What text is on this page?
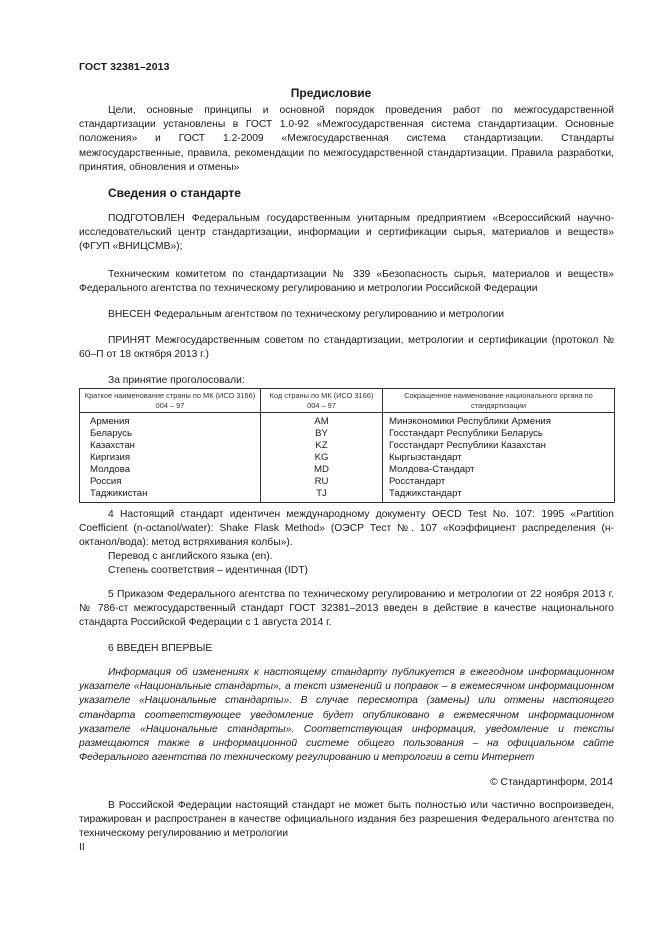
ГОСТ 32381–2013
Предисловие

Цели, основные принципы и основной порядок проведения работ по межгосударственной стандартизации установлены в ГОСТ 1.0-92 «Межгосударственная система стандартизации. Основные положения» и ГОСТ 1.2-2009 «Межгосударственная система стандартизации. Стандарты межгосударственные, правила, рекомендации по межгосударственной стандартизации. Правила разработки, принятия, обновления и отмены»

Сведения о стандарте

ПОДГОТОВЛЕН Федеральным государственным унитарным предприятием «Всероссийский научно-исследовательский центр стандартизации, информации и сертификации сырья, материалов и веществ» (ФГУП «ВНИЦСМВ»);

Техническим комитетом по стандартизации № 339 «Безопасность сырья, материалов и веществ» Федерального агентства по техническому регулированию и метрологии Российской Федерации

ВНЕСЕН Федеральным агентством по техническому регулированию и метрологии

ПРИНЯТ Межгосударственным советом по стандартизации, метрологии и сертификации (протокол № 60–П от 18 октября 2013 г.)

За принятие проголосовали:

Краткое наименование страны по МК (ИСО 3166) 004 – 97	Код страны по МК (ИСО 3166) 004 – 97	Сокращенное наименование национального органа по стандартизации
Армения	AM	Минэкономики Республики Армения
Беларусь	BY	Госстандарт Республики Беларусь
Казахстан	KZ	Госстандарт Республики Казахстан
Киргизия	KG	Кыргызстандарт
Молдова	MD	Молдова-Стандарт
Россия	RU	Росстандарт
Таджикистан	TJ	Таджикстандарт

4 Настоящий стандарт идентичен международному документу OECD Test No. 107: 1995 «Partition Coefficient (n-octanol/water): Shake Flask Method» (ОЭСР Тест №. 107 «Коэффициент распределения (н-октанол/вода): метод встряхивания колбы»).

Перевод с английского языка (en).

Степень соответствия – идентичная (IDT)

5 Приказом Федерального агентства по техническому регулированию и метрологии от 22 ноября 2013 г. № 786-ст межгосударственный стандарт ГОСТ 32381–2013 введен в действие в качестве национального стандарта Российской Федерации с 1 августа 2014 г.

6 ВВЕДЕН ВПЕРВЫЕ

Информация об изменениях к настоящему стандарту публикуется в ежегодном информационном указателе «Национальные стандарты», а текст изменений и поправок – в ежемесячном информационном указателе «Национальные стандарты». В случае пересмотра (замены) или отмены настоящего стандарта соответствующее уведомление будет опубликовано в ежемесячном информационном указателе «Национальные стандарты». Соответствующая информация, уведомление и тексты размещаются также в информационной системе общего пользования – на официальном сайте Федерального агентства по техническому регулированию и метрологии в сети Интернет

© Стандартинформ, 2014

В Российской Федерации настоящий стандарт не может быть полностью или частично воспроизведен, тиражирован и распространен в качестве официального издания без разрешения Федерального агентства по техническому регулированию и метрологии

II
